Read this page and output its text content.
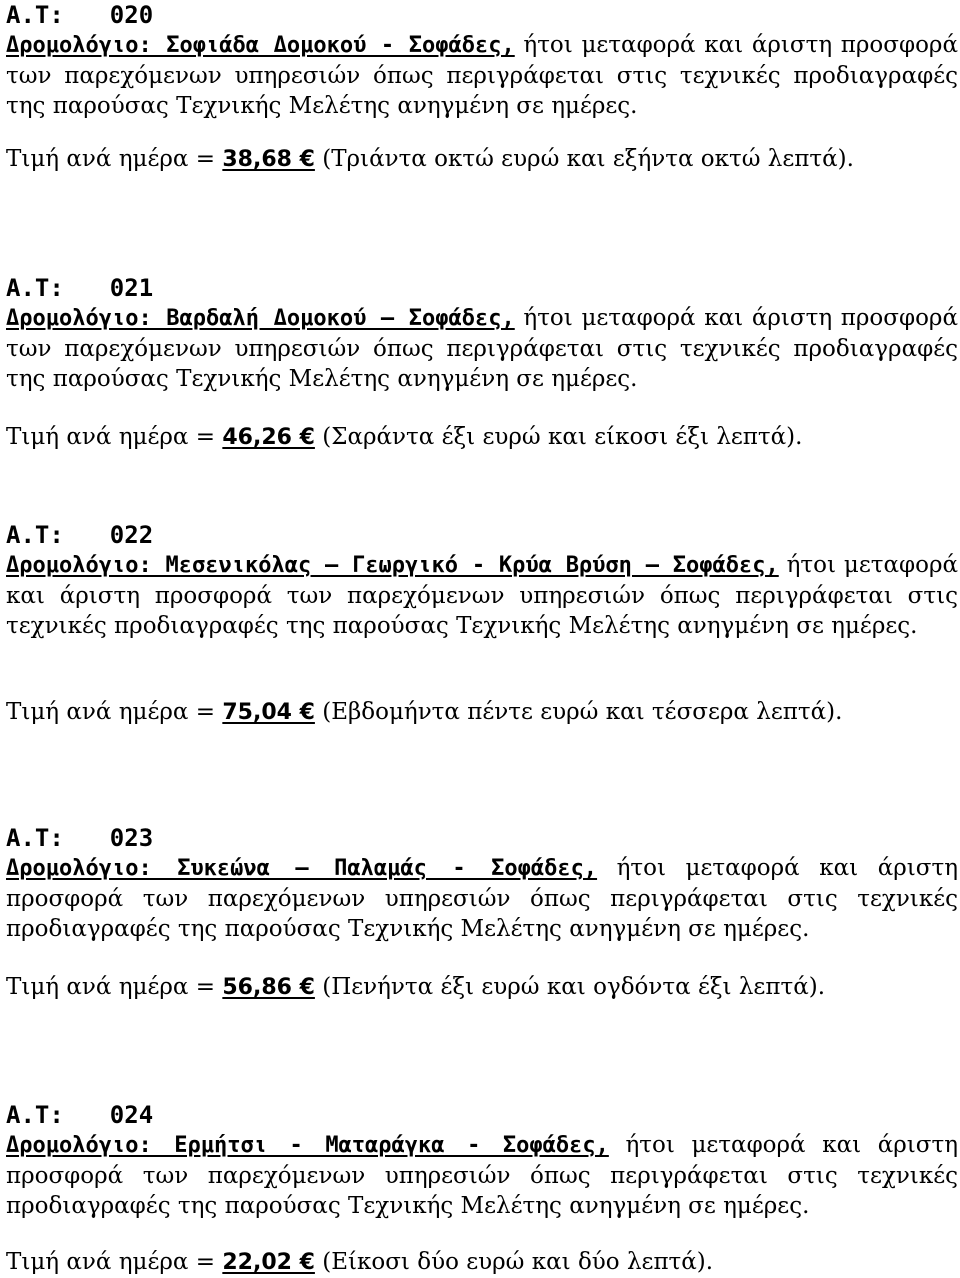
Α.Τ: 020

Δρομολόγιο: Σοφιάδα Δομοκού - Σοφάδες, ήτοι μεταφορά και άριστη προσφορά των παρεχόμενων υπηρεσιών όπως περιγράφεται στις τεχνικές προδιαγραφές της παρούσας Τεχνικής Μελέτης ανηγμένη σε ημέρες.

Τιμή ανά ημέρα = 38,68 € (Τριάντα οκτώ ευρώ και εξήντα οκτώ λεπτά).
Α.Τ: 021

Δρομολόγιο: Βαρδαλή Δομοκού – Σοφάδες, ήτοι μεταφορά και άριστη προσφορά των παρεχόμενων υπηρεσιών όπως περιγράφεται στις τεχνικές προδιαγραφές της παρούσας Τεχνικής Μελέτης ανηγμένη σε ημέρες.

Τιμή ανά ημέρα = 46,26 € (Σαράντα έξι ευρώ και είκοσι έξι λεπτά).
Α.Τ: 022

Δρομολόγιο: Μεσενικόλας – Γεωργικό - Κρύα Βρύση – Σοφάδες, ήτοι μεταφορά και άριστη προσφορά των παρεχόμενων υπηρεσιών όπως περιγράφεται στις τεχνικές προδιαγραφές της παρούσας Τεχνικής Μελέτης ανηγμένη σε ημέρες.

Τιμή ανά ημέρα = 75,04 € (Εβδομήντα πέντε ευρώ και τέσσερα λεπτά).
Α.Τ: 023

Δρομολόγιο: Συκεώνα – Παλαμάς - Σοφάδες, ήτοι μεταφορά και άριστη προσφορά των παρεχόμενων υπηρεσιών όπως περιγράφεται στις τεχνικές προδιαγραφές της παρούσας Τεχνικής Μελέτης ανηγμένη σε ημέρες.

Τιμή ανά ημέρα = 56,86 € (Πενήντα έξι ευρώ και ογδόντα έξι λεπτά).
Α.Τ: 024

Δρομολόγιο: Ερμήτσι - Ματαράγκα - Σοφάδες, ήτοι μεταφορά και άριστη προσφορά των παρεχόμενων υπηρεσιών όπως περιγράφεται στις τεχνικές προδιαγραφές της παρούσας Τεχνικής Μελέτης ανηγμένη σε ημέρες.

Τιμή ανά ημέρα = 22,02 € (Είκοσι δύο ευρώ και δύο λεπτά).
